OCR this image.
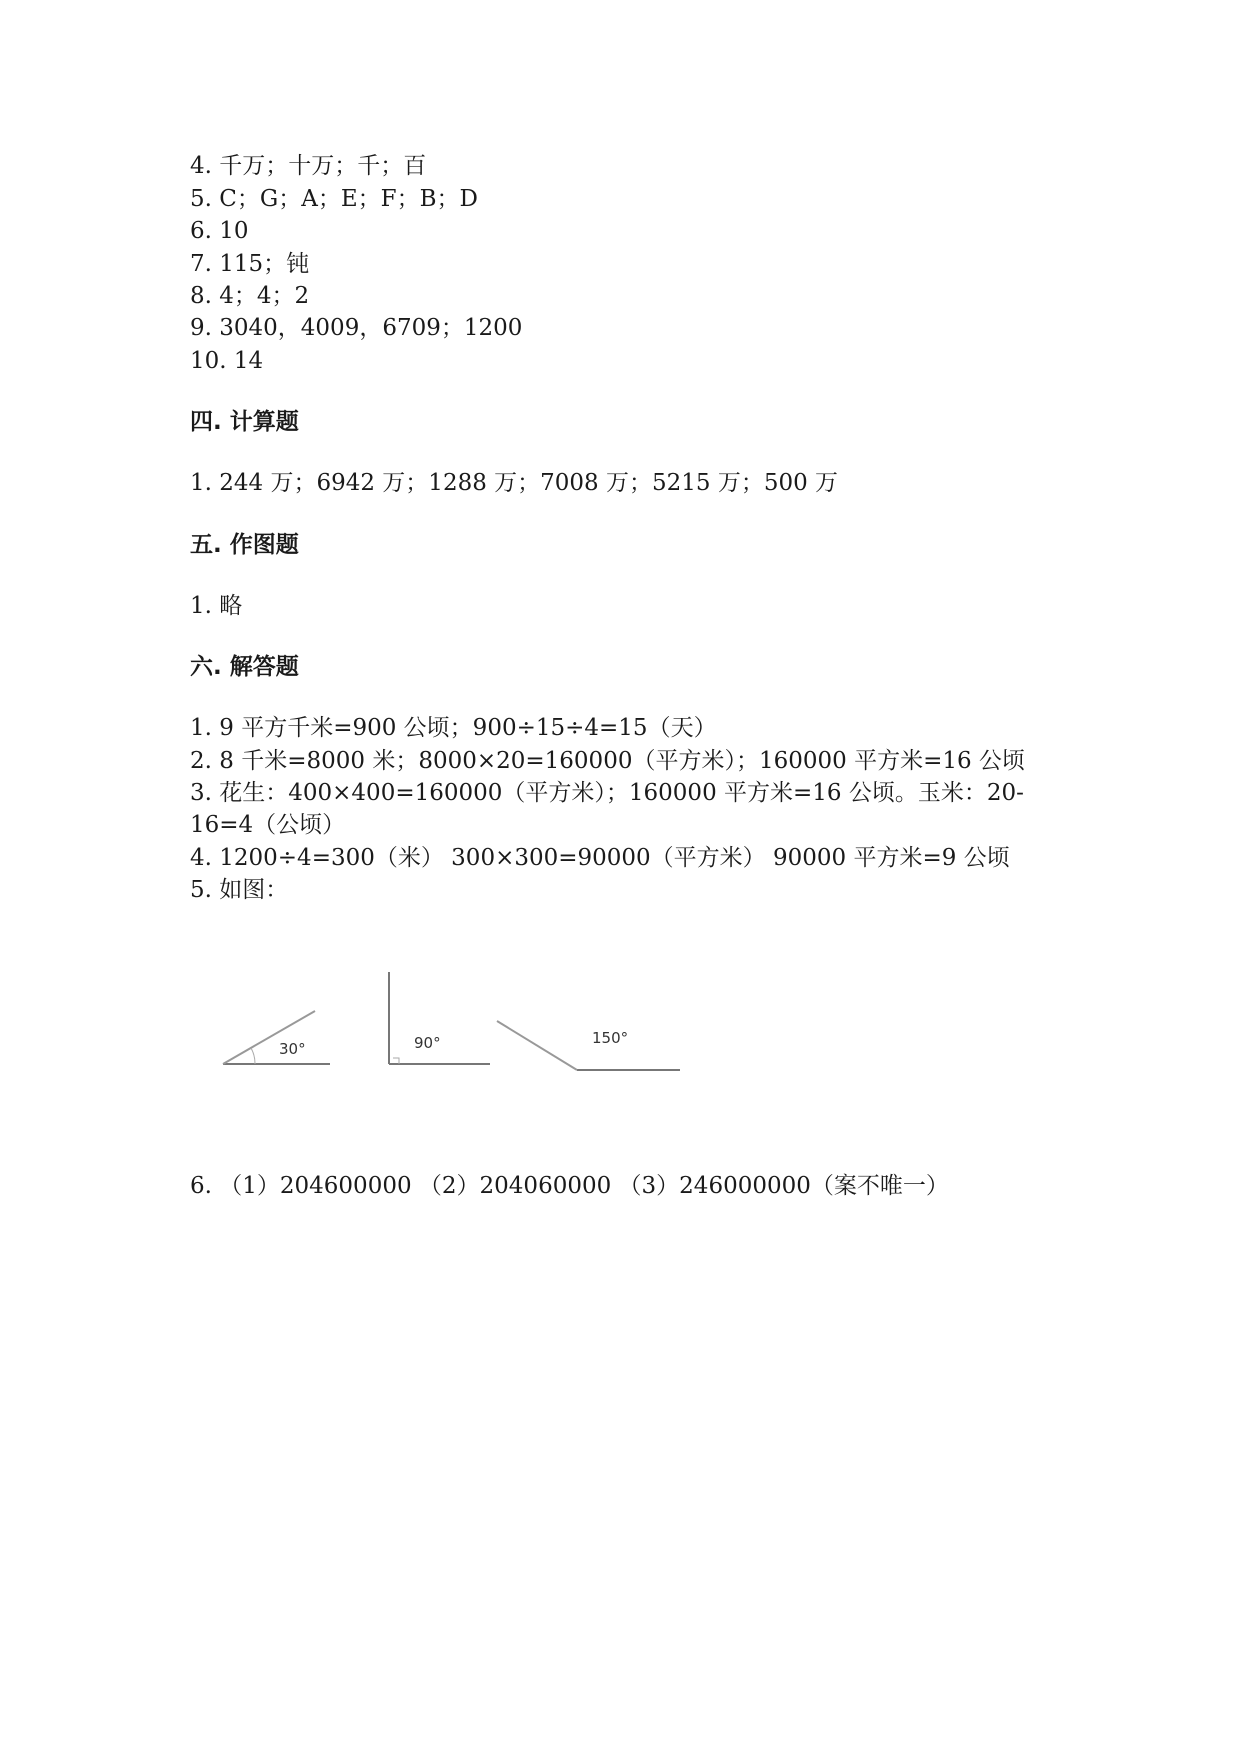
4. 千万；十万；千；百
5. C；G；A；E；F；B；D
6. 10
7. 115；钝
8. 4；4；2
9. 3040，4009，6709；1200
10. 14
四. 计算题
1. 244 万；6942 万；1288 万；7008 万；5215 万；500 万
五. 作图题
1. 略
六. 解答题
1. 9 平方千米=900 公顷；900÷15÷4=15（天）
2. 8 千米=8000 米；8000×20=160000（平方米）；160000 平方米=16 公顷
3. 花生：400×400=160000（平方米）；160000 平方米=16 公顷。玉米：20-
16=4（公顷）
4. 1200÷4=300（米） 300×300=90000（平方米） 90000 平方米=9 公顷
5. 如图：
30°	90°	150°
6. （1）204600000 （2）204060000 （3）246000000（案不唯一）
